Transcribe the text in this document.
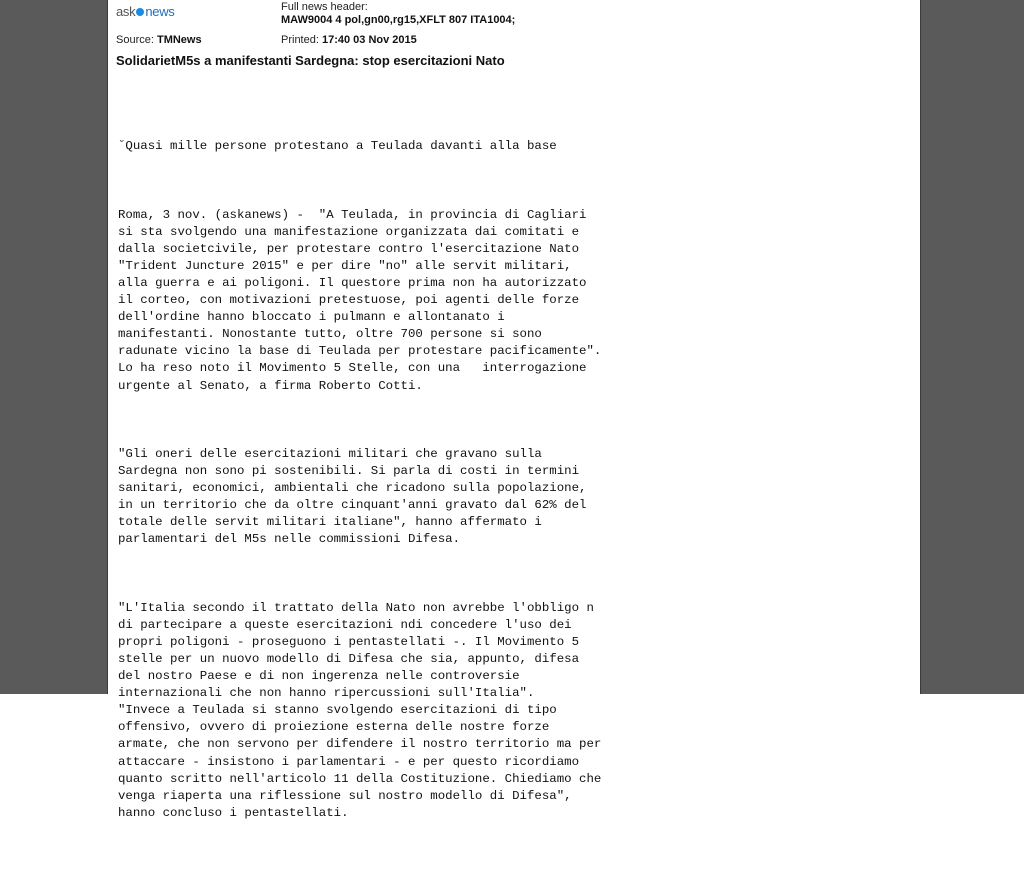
ask news	Full news header:
MAW9004 4 pol,gn00,rg15,XFLT 807 ITA1004;
Source: TMNews	Printed: 17:40 03 Nov 2015
SolidarietM5s a manifestanti Sardegna: stop esercitazioni Nato

˘Quasi mille persone protestano a Teulada davanti alla base

Roma, 3 nov. (askanews) -  "A Teulada, in provincia di Cagliari
si sta svolgendo una manifestazione organizzata dai comitati e
dalla societcivile, per protestare contro l'esercitazione Nato
"Trident Juncture 2015" e per dire "no" alle servit militari,
alla guerra e ai poligoni. Il questore prima non ha autorizzato
il corteo, con motivazioni pretestuose, poi agenti delle forze
dell'ordine hanno bloccato i pulmann e allontanato i
manifestanti. Nonostante tutto, oltre 700 persone si sono
radunate vicino la base di Teulada per protestare pacificamente".
Lo ha reso noto il Movimento 5 Stelle, con una   interrogazione
urgente al Senato, a firma Roberto Cotti.

"Gli oneri delle esercitazioni militari che gravano sulla
Sardegna non sono pi sostenibili. Si parla di costi in termini
sanitari, economici, ambientali che ricadono sulla popolazione,
in un territorio che da oltre cinquant'anni gravato dal 62% del
totale delle servit militari italiane", hanno affermato i
parlamentari del M5s nelle commissioni Difesa.

"L'Italia secondo il trattato della Nato non avrebbe l'obbligo n
di partecipare a queste esercitazioni ndi concedere l'uso dei
propri poligoni - proseguono i pentastellati -. Il Movimento 5
stelle per un nuovo modello di Difesa che sia, appunto, difesa
del nostro Paese e di non ingerenza nelle controversie
internazionali che non hanno ripercussioni sull'Italia".
"Invece a Teulada si stanno svolgendo esercitazioni di tipo
offensivo, ovvero di proiezione esterna delle nostre forze
armate, che non servono per difendere il nostro territorio ma per
attaccare - insistono i parlamentari - e per questo ricordiamo
quanto scritto nell'articolo 11 della Costituzione. Chiediamo che
venga riaperta una riflessione sul nostro modello di Difesa",
hanno concluso i pentastellati.
